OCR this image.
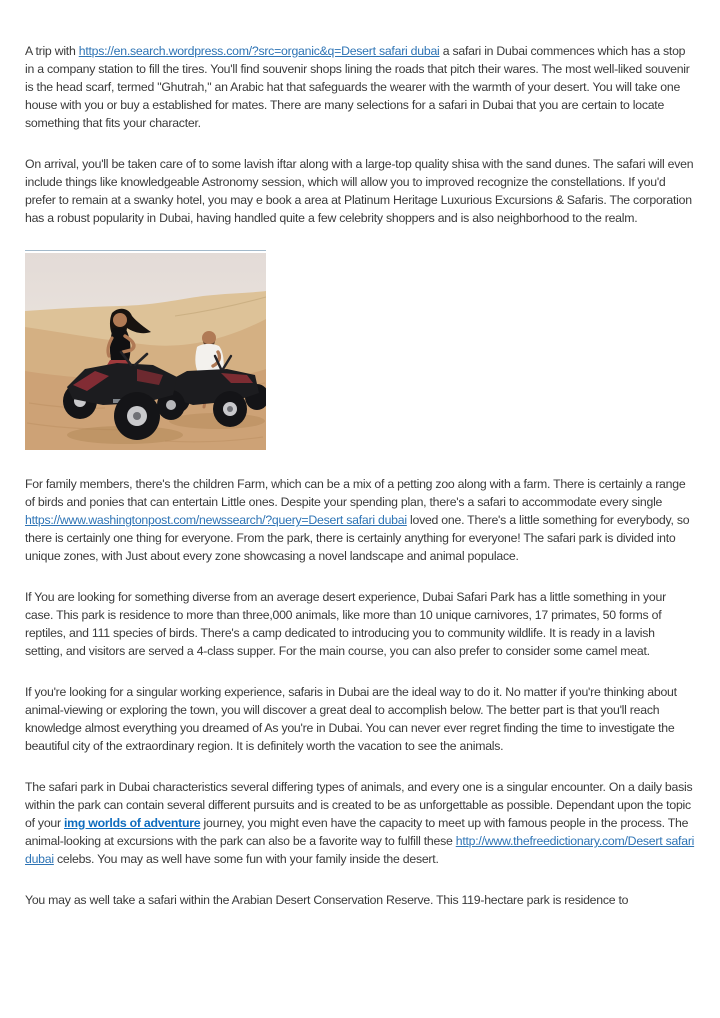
A trip with https://en.search.wordpress.com/?src=organic&q=Desert safari dubai a safari in Dubai commences which has a stop in a company station to fill the tires. You'll find souvenir shops lining the roads that pitch their wares. The most well-liked souvenir is the head scarf, termed "Ghutrah," an Arabic hat that safeguards the wearer with the warmth of your desert. You will take one house with you or buy a established for mates. There are many selections for a safari in Dubai that you are certain to locate something that fits your character.

On arrival, you'll be taken care of to some lavish iftar along with a large-top quality shisa with the sand dunes. The safari will even include things like knowledgeable Astronomy session, which will allow you to improved recognize the constellations. If you'd prefer to remain at a swanky hotel, you may e book a area at Platinum Heritage Luxurious Excursions & Safaris. The corporation has a robust popularity in Dubai, having handled quite a few celebrity shoppers and is also neighborhood to the realm.

For family members, there's the children Farm, which can be a mix of a petting zoo along with a farm. There is certainly a range of birds and ponies that can entertain Little ones. Despite your spending plan, there's a safari to accommodate every single https://www.washingtonpost.com/newssearch/?query=Desert safari dubai loved one. There's a little something for everybody, so there is certainly one thing for everyone. From the park, there is certainly anything for everyone! The safari park is divided into unique zones, with Just about every zone showcasing a novel landscape and animal populace.

If You are looking for something diverse from an average desert experience, Dubai Safari Park has a little something in your case. This park is residence to more than three,000 animals, like more than 10 unique carnivores, 17 primates, 50 forms of reptiles, and 111 species of birds. There's a camp dedicated to introducing you to community wildlife. It is ready in a lavish setting, and visitors are served a 4-class supper. For the main course, you can also prefer to consider some camel meat.

If you're looking for a singular working experience, safaris in Dubai are the ideal way to do it. No matter if you're thinking about animal-viewing or exploring the town, you will discover a great deal to accomplish below. The better part is that you'll reach knowledge almost everything you dreamed of As you're in Dubai. You can never ever regret finding the time to investigate the beautiful city of the extraordinary region. It is definitely worth the vacation to see the animals.

The safari park in Dubai characteristics several differing types of animals, and every one is a singular encounter. On a daily basis within the park can contain several different pursuits and is created to be as unforgettable as possible. Dependant upon the topic of your img worlds of adventure journey, you might even have the capacity to meet up with famous people in the process. The animal-looking at excursions with the park can also be a favorite way to fulfill these http://www.thefreedictionary.com/Desert safari dubai celebs. You may as well have some fun with your family inside the desert.

You may as well take a safari within the Arabian Desert Conservation Reserve. This 119-hectare park is residence to
